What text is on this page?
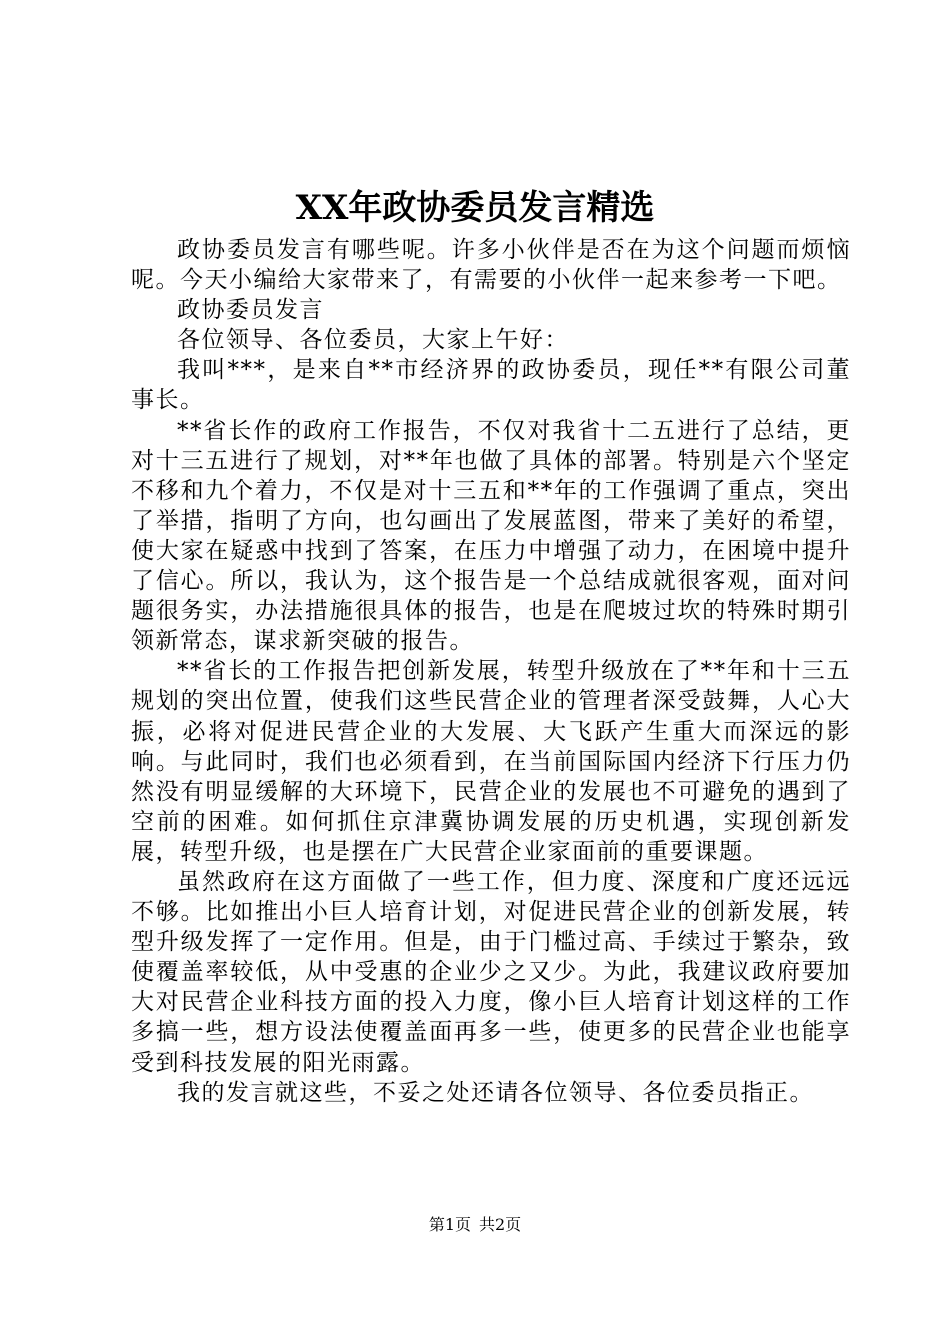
XX年政协委员发言精选

政协委员发言有哪些呢。许多小伙伴是否在为这个问题而烦恼呢。今天小编给大家带来了，有需要的小伙伴一起来参考一下吧。

政协委员发言

各位领导、各位委员，大家上午好：

我叫***，是来自**市经济界的政协委员，现任**有限公司董事长。

**省长作的政府工作报告，不仅对我省十二五进行了总结，更对十三五进行了规划，对**年也做了具体的部署。特别是六个坚定不移和九个着力，不仅是对十三五和**年的工作强调了重点，突出了举措，指明了方向，也勾画出了发展蓝图，带来了美好的希望，使大家在疑惑中找到了答案，在压力中增强了动力，在困境中提升了信心。所以，我认为，这个报告是一个总结成就很客观，面对问题很务实，办法措施很具体的报告，也是在爬坡过坎的特殊时期引领新常态，谋求新突破的报告。

**省长的工作报告把创新发展，转型升级放在了**年和十三五规划的突出位置，使我们这些民营企业的管理者深受鼓舞，人心大振，必将对促进民营企业的大发展、大飞跃产生重大而深远的影响。与此同时，我们也必须看到，在当前国际国内经济下行压力仍然没有明显缓解的大环境下，民营企业的发展也不可避免的遇到了空前的困难。如何抓住京津冀协调发展的历史机遇，实现创新发展，转型升级，也是摆在广大民营企业家面前的重要课题。

虽然政府在这方面做了一些工作，但力度、深度和广度还远远不够。比如推出小巨人培育计划，对促进民营企业的创新发展，转型升级发挥了一定作用。但是，由于门槛过高、手续过于繁杂，致使覆盖率较低，从中受惠的企业少之又少。为此，我建议政府要加大对民营企业科技方面的投入力度，像小巨人培育计划这样的工作多搞一些，想方设法使覆盖面再多一些，使更多的民营企业也能享受到科技发展的阳光雨露。

我的发言就这些，不妥之处还请各位领导、各位委员指正。

第1页 共2页
